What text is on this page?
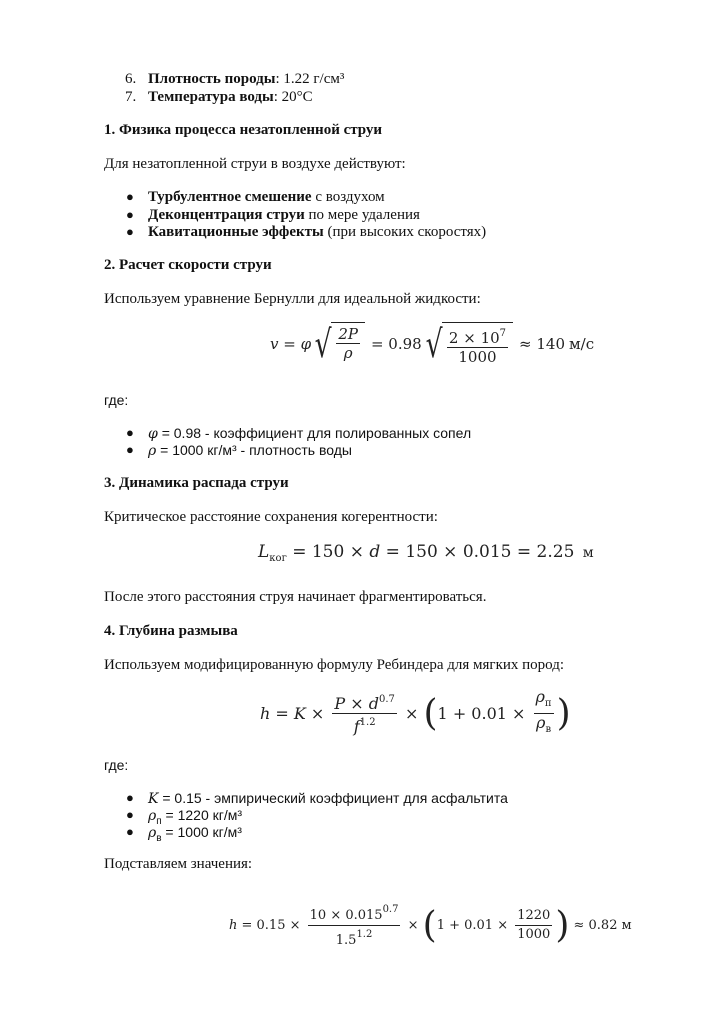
6. Плотность породы: 1.22 г/см³
7. Температура воды: 20°C
1. Физика процесса незатопленной струи
Для незатопленной струи в воздухе действуют:
● Турбулентное смешение с воздухом
● Деконцентрация струи по мере удаления
● Кавитационные эффекты (при высоких скоростях)
2. Расчет скорости струи
Используем уравнение Бернулли для идеальной жидкости:
v = φ √ $\frac{2P}{\rho} = 0.98$ √ $\frac{2 \times 10^7}{1000} \approx 140$ м/с
где:
● φ = 0.98 - коэффициент для полированных сопел
● ρ = 1000 кг/м³ - плотность воды
3. Динамика распада струи
Критическое расстояние сохранения когерентности:
$L_{ког} = 150 \times d = 150 \times 0.015 = 2.25$ м
После этого расстояния струя начинает фрагментироваться.
4. Глубина размыва
Используем модифицированную формулу Ребиндера для мягких пород:
$h = K \times \frac{P \times d^{0.7}}{f^{1.2}}$ × ( $1 + 0.01 \times \frac{\rho_п}{\rho_в}$ )
где:
● K = 0.15 - эмпирический коэффициент для асфальтита
● $\rho_п = 1220$ кг/м³
● $\rho_в = 1000$ кг/м³
Подставляем значения:
$h = 0.15 \times \frac{10 \times 0.015^{0.7}}{1.5^{1.2}}$ × ( $1 + 0.01 \times \frac{1220}{1000}$ ) ≈ 0.82 м
